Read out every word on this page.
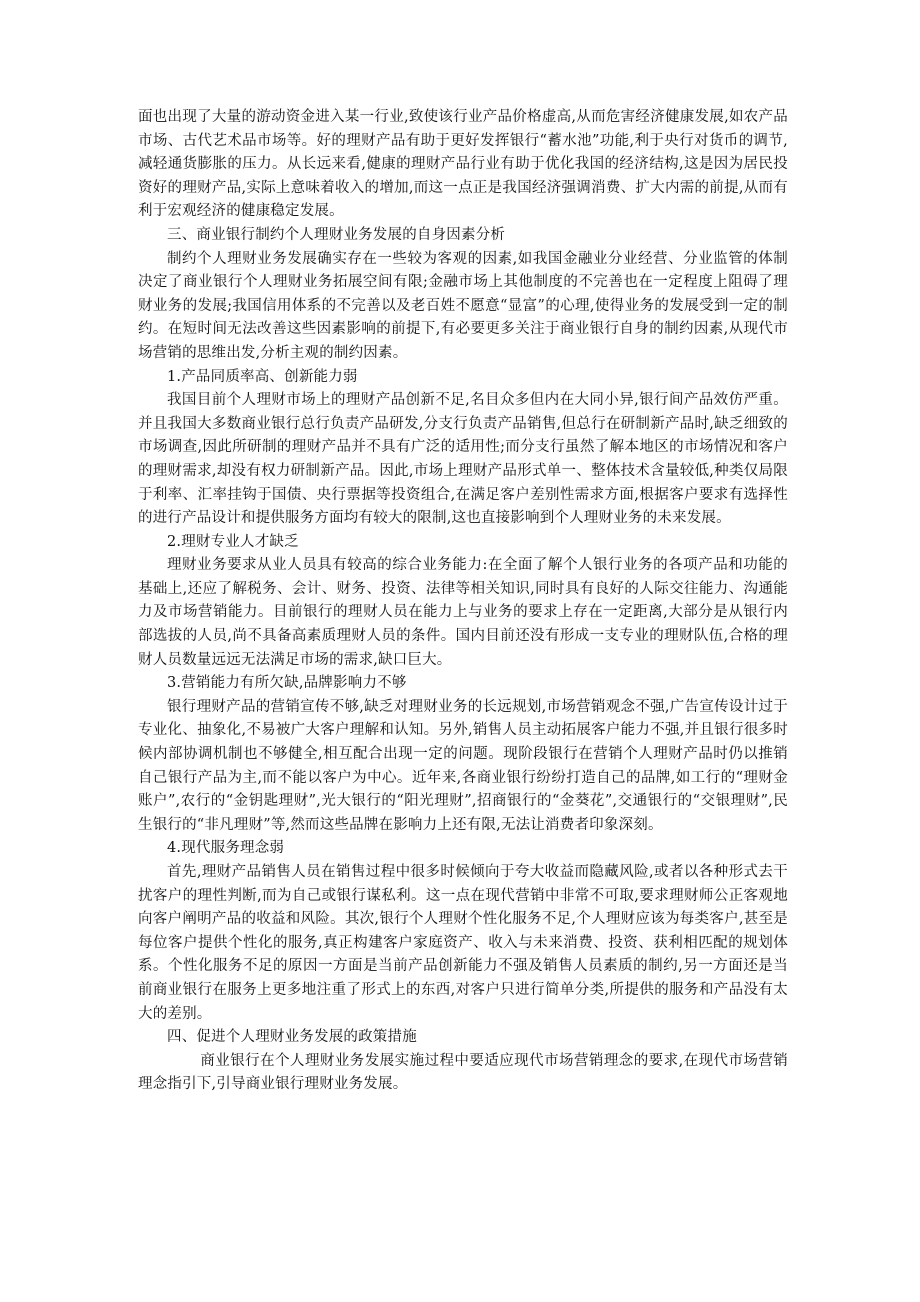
面也出现了大量的游动资金进入某一行业,致使该行业产品价格虚高,从而危害经济健康发展,如农产品市场、古代艺术品市场等。好的理财产品有助于更好发挥银行“蓄水池”功能,利于央行对货币的调节,减轻通货膨胀的压力。从长远来看,健康的理财产品行业有助于优化我国的经济结构,这是因为居民投资好的理财产品,实际上意味着收入的增加,而这一点正是我国经济强调消费、扩大内需的前提,从而有利于宏观经济的健康稳定发展。

三、商业银行制约个人理财业务发展的自身因素分析

制约个人理财业务发展确实存在一些较为客观的因素,如我国金融业分业经营、分业监管的体制决定了商业银行个人理财业务拓展空间有限;金融市场上其他制度的不完善也在一定程度上阻碍了理财业务的发展;我国信用体系的不完善以及老百姓不愿意“显富”的心理,使得业务的发展受到一定的制约。在短时间无法改善这些因素影响的前提下,有必要更多关注于商业银行自身的制约因素,从现代市场营销的思维出发,分析主观的制约因素。

1.产品同质率高、创新能力弱

我国目前个人理财市场上的理财产品创新不足,名目众多但内在大同小异,银行间产品效仿严重。并且我国大多数商业银行总行负责产品研发,分支行负责产品销售,但总行在研制新产品时,缺乏细致的市场调查,因此所研制的理财产品并不具有广泛的适用性;而分支行虽然了解本地区的市场情况和客户的理财需求,却没有权力研制新产品。因此,市场上理财产品形式单一、整体技术含量较低,种类仅局限于利率、汇率挂钩于国债、央行票据等投资组合,在满足客户差别性需求方面,根据客户要求有选择性的进行产品设计和提供服务方面均有较大的限制,这也直接影响到个人理财业务的未来发展。

2.理财专业人才缺乏

理财业务要求从业人员具有较高的综合业务能力:在全面了解个人银行业务的各项产品和功能的基础上,还应了解税务、会计、财务、投资、法律等相关知识,同时具有良好的人际交往能力、沟通能力及市场营销能力。目前银行的理财人员在能力上与业务的要求上存在一定距离,大部分是从银行内部选拔的人员,尚不具备高素质理财人员的条件。国内目前还没有形成一支专业的理财队伍,合格的理财人员数量远远无法满足市场的需求,缺口巨大。

3.营销能力有所欠缺,品牌影响力不够

银行理财产品的营销宣传不够,缺乏对理财业务的长远规划,市场营销观念不强,广告宣传设计过于专业化、抽象化,不易被广大客户理解和认知。另外,销售人员主动拓展客户能力不强,并且银行很多时候内部协调机制也不够健全,相互配合出现一定的问题。现阶段银行在营销个人理财产品时仍以推销自己银行产品为主,而不能以客户为中心。近年来,各商业银行纷纷打造自己的品牌,如工行的“理财金账户”,农行的“金钥匙理财”,光大银行的“阳光理财”,招商银行的“金葵花”,交通银行的“交银理财”,民生银行的“非凡理财”等,然而这些品牌在影响力上还有限,无法让消费者印象深刻。

4.现代服务理念弱

首先,理财产品销售人员在销售过程中很多时候倾向于夸大收益而隐藏风险,或者以各种形式去干扰客户的理性判断,而为自己或银行谋私利。这一点在现代营销中非常不可取,要求理财师公正客观地向客户阐明产品的收益和风险。其次,银行个人理财个性化服务不足,个人理财应该为每类客户,甚至是每位客户提供个性化的服务,真正构建客户家庭资产、收入与未来消费、投资、获利相匹配的规划体系。个性化服务不足的原因一方面是当前产品创新能力不强及销售人员素质的制约,另一方面还是当前商业银行在服务上更多地注重了形式上的东西,对客户只进行简单分类,所提供的服务和产品没有太大的差别。

四、促进个人理财业务发展的政策措施

商业银行在个人理财业务发展实施过程中要适应现代市场营销理念的要求,在现代市场营销理念指引下,引导商业银行理财业务发展。
